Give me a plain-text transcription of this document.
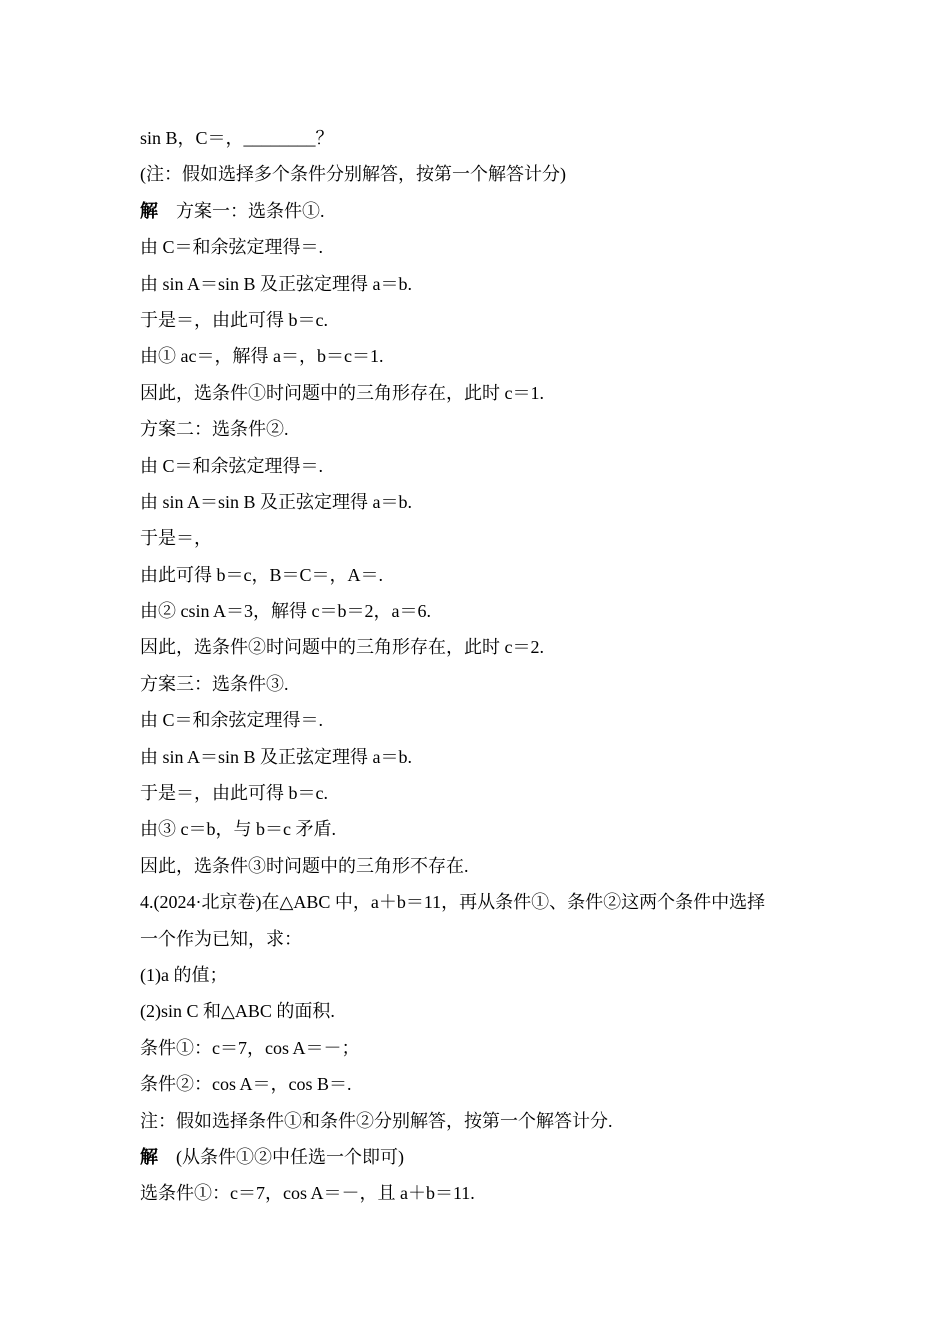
sin B，C＝，________？
(注：假如选择多个条件分别解答，按第一个解答计分)
解　方案一：选条件①.
由 C＝和余弦定理得＝.
由 sin A＝sin B 及正弦定理得 a＝b.
于是＝，由此可得 b＝c.
由① ac＝，解得 a＝，b＝c＝1.
因此，选条件①时问题中的三角形存在，此时 c＝1.
方案二：选条件②.
由 C＝和余弦定理得＝.
由 sin A＝sin B 及正弦定理得 a＝b.
于是＝，
由此可得 b＝c，B＝C＝，A＝.
由② csin A＝3，解得 c＝b＝2，a＝6.
因此，选条件②时问题中的三角形存在，此时 c＝2.
方案三：选条件③.
由 C＝和余弦定理得＝.
由 sin A＝sin B 及正弦定理得 a＝b.
于是＝，由此可得 b＝c.
由③ c＝b，与 b＝c 矛盾.
因此，选条件③时问题中的三角形不存在.
4.(2024·北京卷)在△ABC 中，a＋b＝11，再从条件①、条件②这两个条件中选择
一个作为已知，求：
(1)a 的值；
(2)sin C 和△ABC 的面积.
条件①：c＝7，cos A＝－；
条件②：cos A＝，cos B＝.
注：假如选择条件①和条件②分别解答，按第一个解答计分.
解　(从条件①②中任选一个即可)
选条件①：c＝7，cos A＝－，且 a＋b＝11.
